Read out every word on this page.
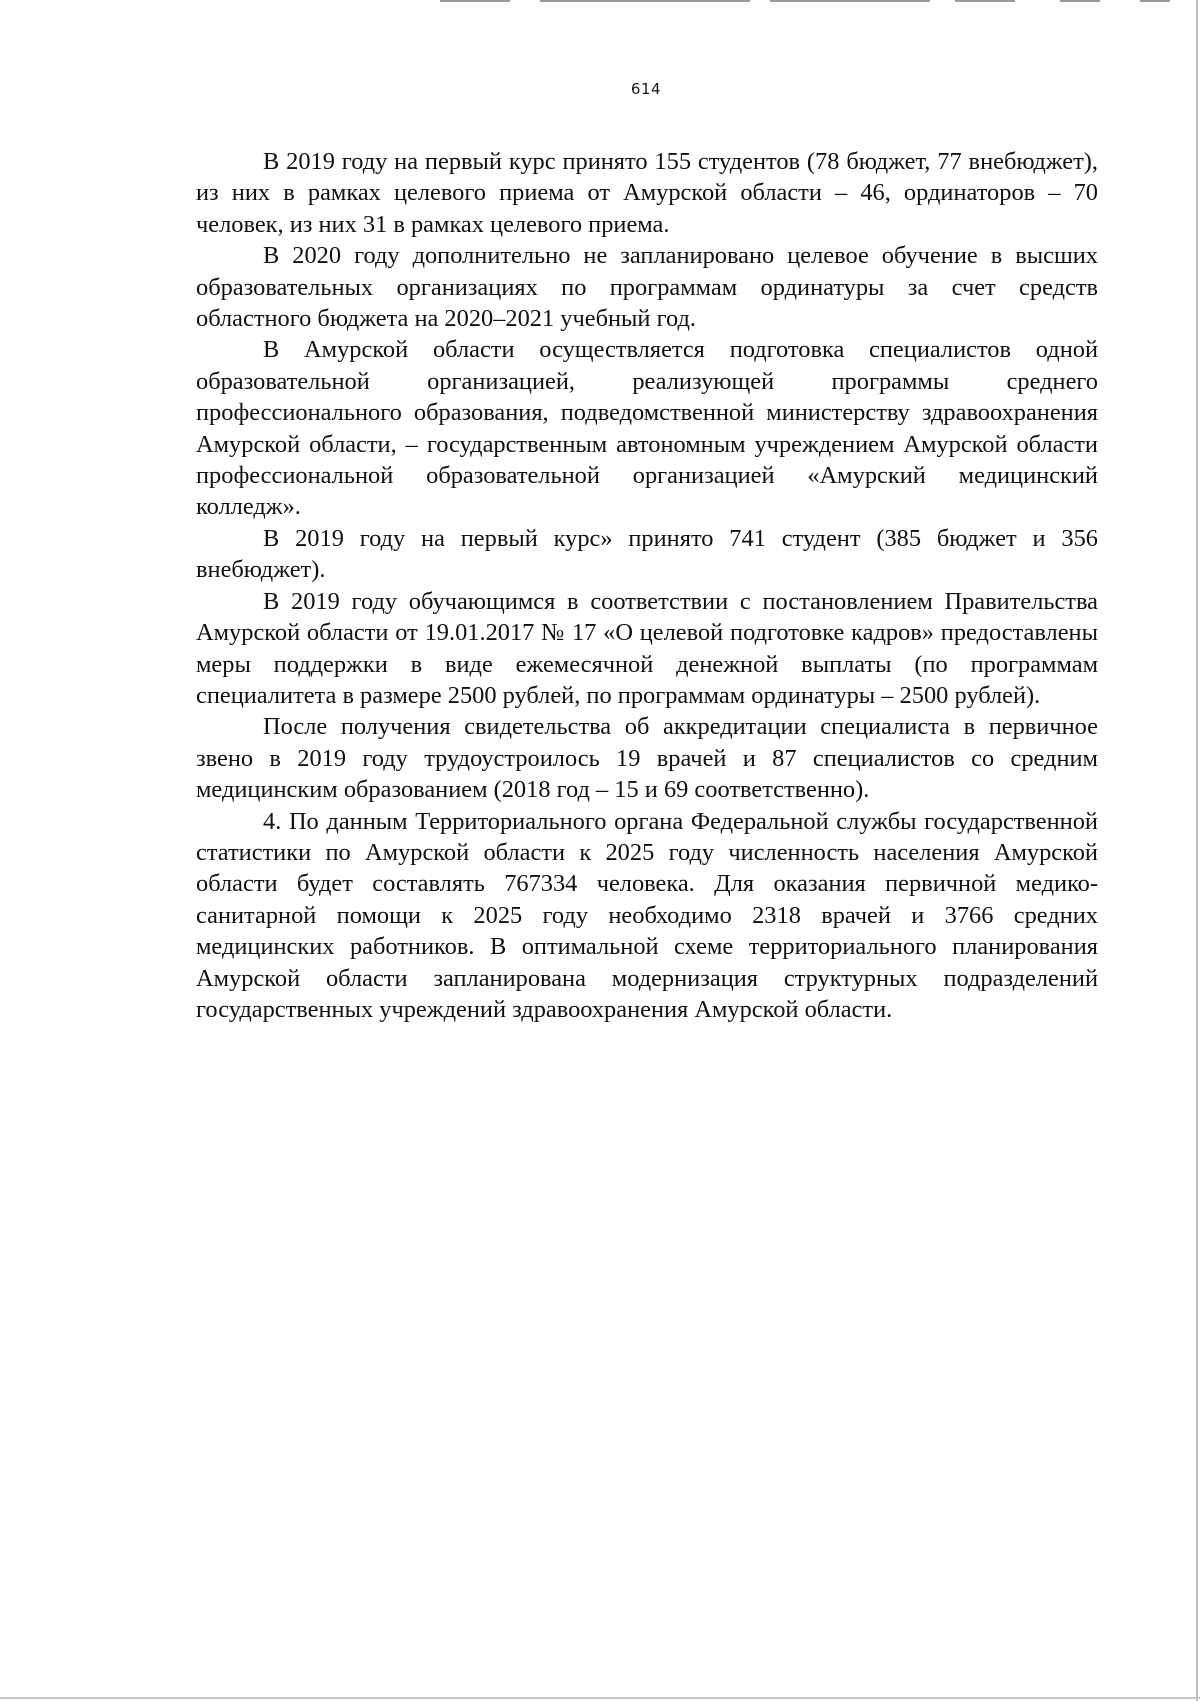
614

В 2019 году на первый курс принято 155 студентов (78 бюджет, 77 внебюджет), из них в рамках целевого приема от Амурской области – 46, ординаторов – 70 человек, из них 31 в рамках целевого приема.

В 2020 году дополнительно не запланировано целевое обучение в высших образовательных организациях по программам ординатуры за счет средств областного бюджета на 2020–2021 учебный год.

В Амурской области осуществляется подготовка специалистов одной образовательной организацией, реализующей программы среднего профессионального образования, подведомственной министерству здравоохранения Амурской области, – государственным автономным учреждением Амурской области профессиональной образовательной организацией «Амурский медицинский колледж».

В 2019 году на первый курс» принято 741 студент (385 бюджет и 356 внебюджет).

В 2019 году обучающимся в соответствии с постановлением Правительства Амурской области от 19.01.2017 № 17 «О целевой подготовке кадров» предоставлены меры поддержки в виде ежемесячной денежной выплаты (по программам специалитета в размере 2500 рублей, по программам ординатуры – 2500 рублей).

После получения свидетельства об аккредитации специалиста в первичное звено в 2019 году трудоустроилось 19 врачей и 87 специалистов со средним медицинским образованием (2018 год – 15 и 69 соответственно).

4. По данным Территориального органа Федеральной службы государственной статистики по Амурской области к 2025 году численность населения Амурской области будет составлять 767334 человека. Для оказания первичной медико-санитарной помощи к 2025 году необходимо 2318 врачей и 3766 средних медицинских работников. В оптимальной схеме территориального планирования Амурской области запланирована модернизация структурных подразделений государственных учреждений здравоохранения Амурской области.
